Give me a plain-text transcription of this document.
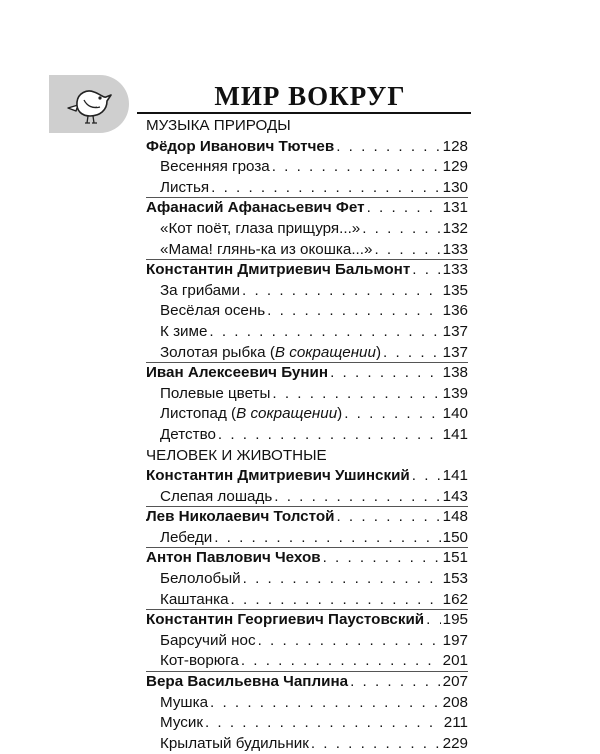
МИР ВОКРУГ
МУЗЫКА ПРИРОДЫ
Фёдор Иванович Тютчев . . .	128
Весенняя гроза . . .	129
Листья . . .	130
Афанасий Афанасьевич Фет . . .	131
«Кот поёт, глаза прищуря...» . . .	132
«Мама! глянь-ка из окошка...» . . .	133
Константин Дмитриевич Бальмонт . . . 133
За грибами . . .	135
Весёлая осень . . .	136
К зиме . . .	137
Золотая рыбка (В сокращении) . . .	137
Иван Алексеевич Бунин . . .	138
Полевые цветы . . .	139
Листопад (В сокращении) . . .	140
Детство . . .	141
ЧЕЛОВЕК И ЖИВОТНЫЕ
Константин Дмитриевич Ушинский . . . 141
Слепая лошадь . . .	143
Лев Николаевич Толстой . . .	148
Лебеди . . .	150
Антон Павлович Чехов . . .	151
Белолобый . . .	153
Каштанка . . .	162
Константин Георгиевич Паустовский . . . 195
Барсучий нос . . .	197
Кот-ворюга . . .	201
Вера Васильевна Чаплина . . .	207
Мушка . . .	208
Мусик . . .	211
Крылатый будильник . . .	229
